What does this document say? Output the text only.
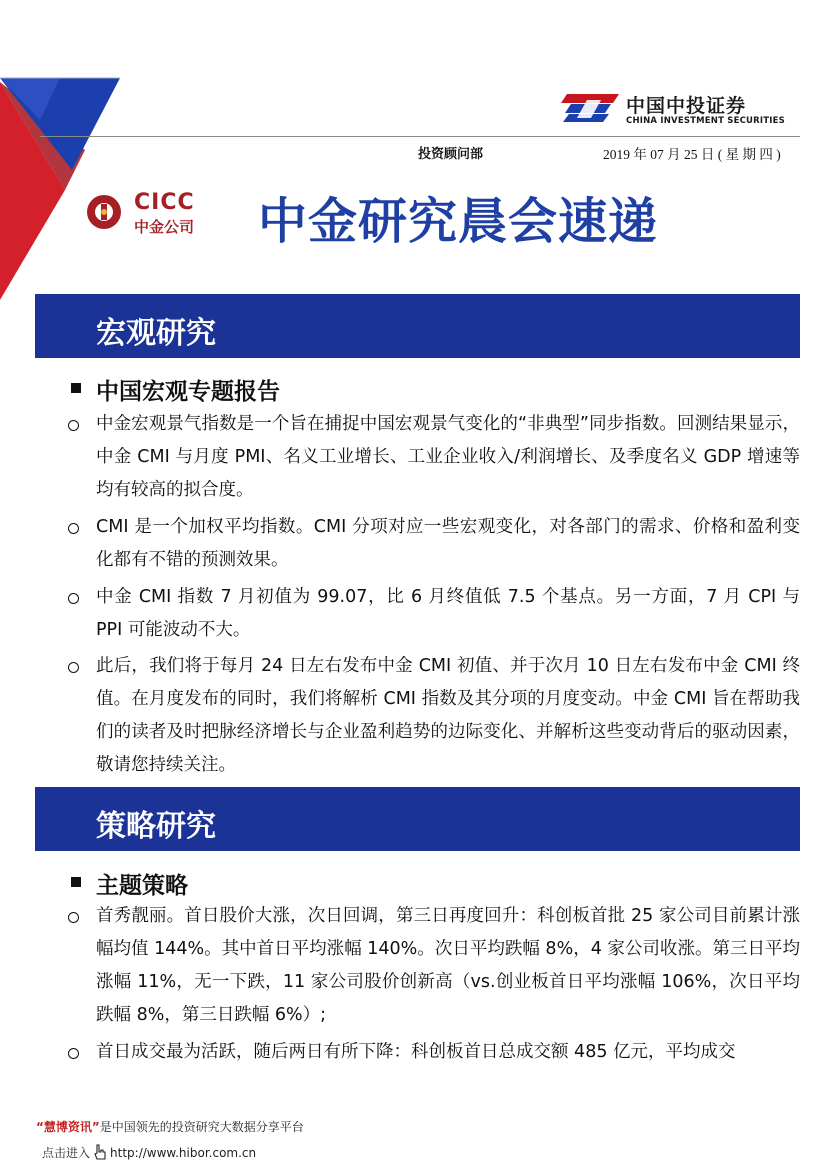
中国中投证券
CHINA INVESTMENT SECURITIES
投资顾问部	2019 年 07 月 25 日 ( 星 期 四 )
CICC
中金公司 中金研究晨会速递
宏观研究
中国宏观专题报告

中金宏观景气指数是一个旨在捕捉中国宏观景气变化的“非典型”同步指数。回测结果显示，中金 CMI 与月度 PMI、名义工业增长、工业企业收入/利润增长、及季度名义 GDP 增速等均有较高的拟合度。

CMI 是一个加权平均指数。CMI 分项对应一些宏观变化，对各部门的需求、价格和盈利变化都有不错的预测效果。

中金 CMI 指数 7 月初值为 99.07，比 6 月终值低 7.5 个基点。另一方面，7 月 CPI 与 PPI 可能波动不大。

此后，我们将于每月 24 日左右发布中金 CMI 初值、并于次月 10 日左右发布中金 CMI 终值。在月度发布的同时，我们将解析 CMI 指数及其分项的月度变动。中金 CMI 旨在帮助我们的读者及时把脉经济增长与企业盈利趋势的边际变化、并解析这些变动背后的驱动因素，敬请您持续关注。

策略研究
主题策略

首秀靓丽。首日股价大涨，次日回调，第三日再度回升：科创板首批 25 家公司目前累计涨幅均值 144%。其中首日平均涨幅 140%。次日平均跌幅 8%，4 家公司收涨。第三日平均涨幅 11%，无一下跌，11 家公司股价创新高（vs.创业板首日平均涨幅 106%，次日平均跌幅 8%，第三日跌幅 6%）;

首日成交最为活跃，随后两日有所下降：科创板首日总成交额 485 亿元，平均成交

“慧博资讯”是中国领先的投资研究大数据分享平台
点击进入 http://www.hibor.com.cn
